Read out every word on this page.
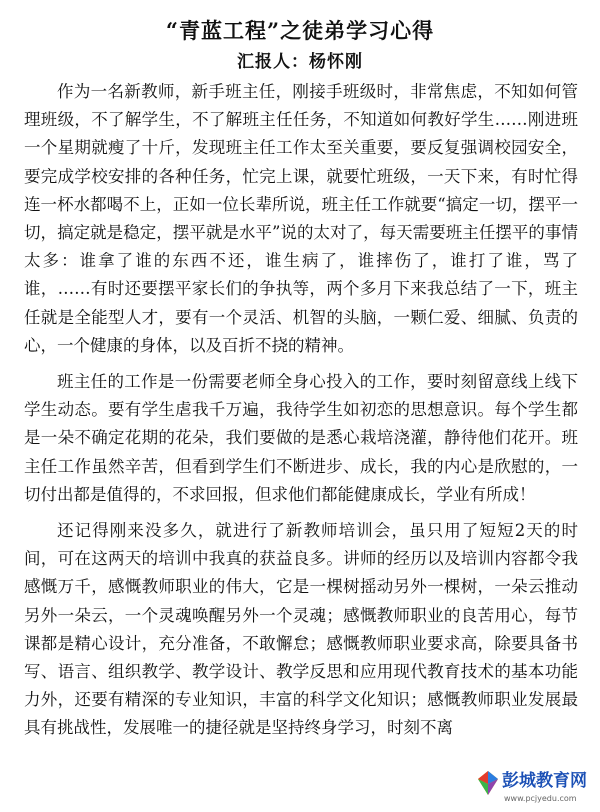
“青蓝工程”之徒弟学习心得
汇报人：杨怀刚

作为一名新教师，新手班主任，刚接手班级时，非常焦虑，不知如何管理班级，不了解学生，不了解班主任任务，不知道如何教好学生……刚进班一个星期就瘦了十斤，发现班主任工作太至关重要，要反复强调校园安全，要完成学校安排的各种任务，忙完上课，就要忙班级，一天下来，有时忙得连一杯水都喝不上，正如一位长辈所说，班主任工作就要“搞定一切，摆平一切，搞定就是稳定，摆平就是水平”说的太对了，每天需要班主任摆平的事情太多：谁拿了谁的东西不还，谁生病了，谁摔伤了，谁打了谁，骂了谁，……有时还要摆平家长们的争执等，两个多月下来我总结了一下，班主任就是全能型人才，要有一个灵活、机智的头脑，一颗仁爱、细腻、负责的心，一个健康的身体，以及百折不挠的精神。

班主任的工作是一份需要老师全身心投入的工作，要时刻留意线上线下学生动态。要有学生虐我千万遍，我待学生如初恋的思想意识。每个学生都是一朵不确定花期的花朵，我们要做的是悉心栽培浇灌，静待他们花开。班主任工作虽然辛苦，但看到学生们不断进步、成长，我的内心是欣慰的，一切付出都是值得的，不求回报，但求他们都能健康成长，学业有所成！

还记得刚来没多久，就进行了新教师培训会，虽只用了短短2天的时间，可在这两天的培训中我真的获益良多。讲师的经历以及培训内容都令我感慨万千，感慨教师职业的伟大，它是一棵树摇动另外一棵树，一朵云推动另外一朵云，一个灵魂唤醒另外一个灵魂；感慨教师职业的良苦用心，每节课都是精心设计，充分准备，不敢懈怠；感慨教师职业要求高，除要具备书写、语言、组织教学、教学设计、教学反思和应用现代教育技术的基本功能力外，还要有精深的专业知识，丰富的科学文化知识；感慨教师职业发展最具有挑战性，发展唯一的捷径就是坚持终身学习，时刻不离

彭城教育网
www.pcjyedu.com
